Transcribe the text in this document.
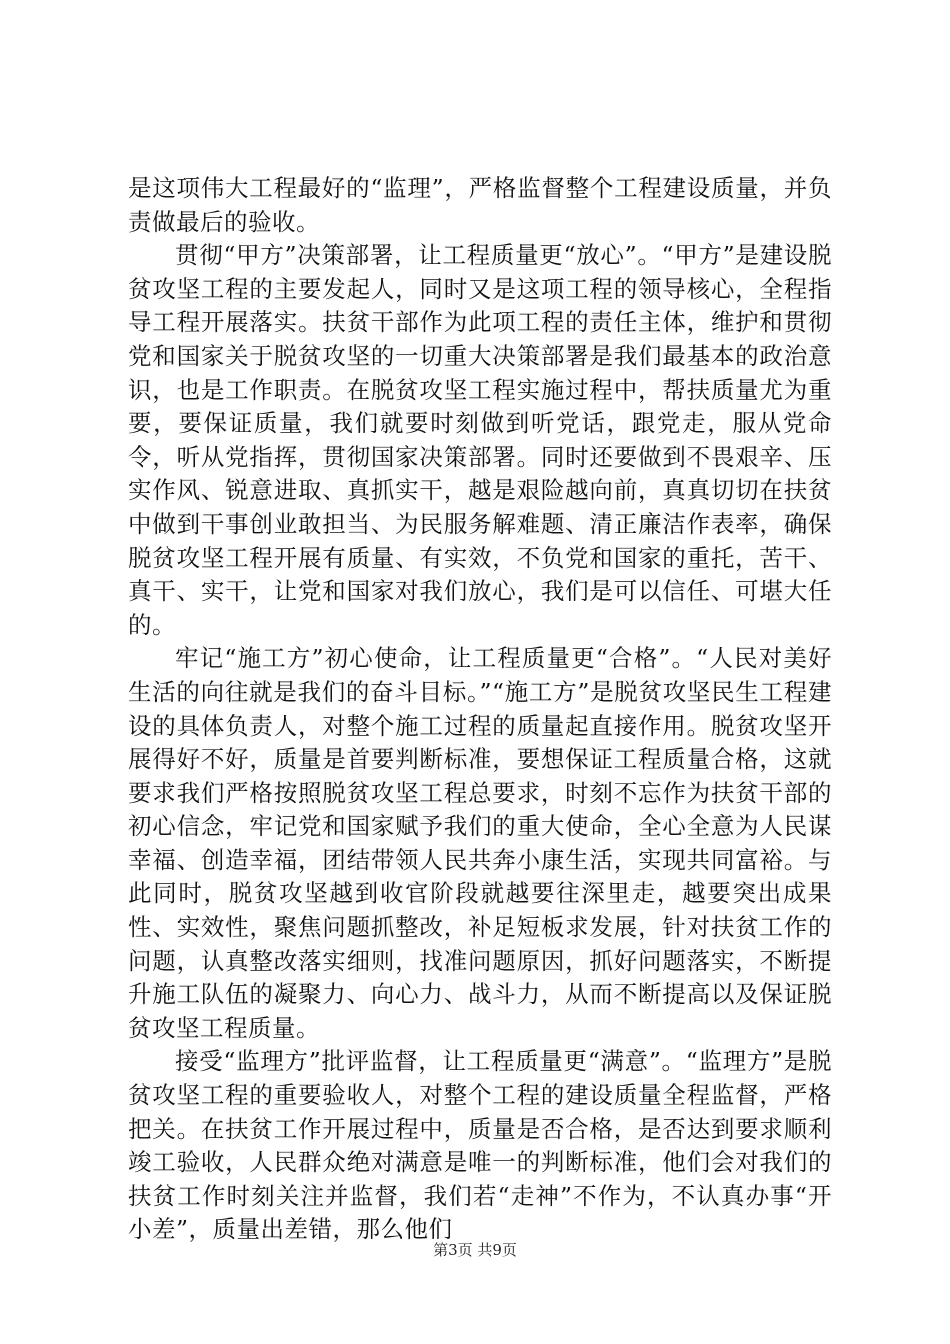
是这项伟大工程最好的“监理”，严格监督整个工程建设质量，并负责做最后的验收。

贯彻“甲方”决策部署，让工程质量更“放心”。“甲方”是建设脱贫攻坚工程的主要发起人，同时又是这项工程的领导核心，全程指导工程开展落实。扶贫干部作为此项工程的责任主体，维护和贯彻党和国家关于脱贫攻坚的一切重大决策部署是我们最基本的政治意识，也是工作职责。在脱贫攻坚工程实施过程中，帮扶质量尤为重要，要保证质量，我们就要时刻做到听党话，跟党走，服从党命令，听从党指挥，贯彻国家决策部署。同时还要做到不畏艰辛、压实作风、锐意进取、真抓实干，越是艰险越向前，真真切切在扶贫中做到干事创业敢担当、为民服务解难题、清正廉洁作表率，确保脱贫攻坚工程开展有质量、有实效，不负党和国家的重托，苦干、真干、实干，让党和国家对我们放心，我们是可以信任、可堪大任的。

牢记“施工方”初心使命，让工程质量更“合格”。“人民对美好生活的向往就是我们的奋斗目标。”“施工方”是脱贫攻坚民生工程建设的具体负责人，对整个施工过程的质量起直接作用。脱贫攻坚开展得好不好，质量是首要判断标准，要想保证工程质量合格，这就要求我们严格按照脱贫攻坚工程总要求，时刻不忘作为扶贫干部的初心信念，牢记党和国家赋予我们的重大使命，全心全意为人民谋幸福、创造幸福，团结带领人民共奔小康生活，实现共同富裕。与此同时，脱贫攻坚越到收官阶段就越要往深里走，越要突出成果性、实效性，聚焦问题抓整改，补足短板求发展，针对扶贫工作的问题，认真整改落实细则，找准问题原因，抓好问题落实，不断提升施工队伍的凝聚力、向心力、战斗力，从而不断提高以及保证脱贫攻坚工程质量。

接受“监理方”批评监督，让工程质量更“满意”。“监理方”是脱贫攻坚工程的重要验收人，对整个工程的建设质量全程监督，严格把关。在扶贫工作开展过程中，质量是否合格，是否达到要求顺利竣工验收，人民群众绝对满意是唯一的判断标准，他们会对我们的扶贫工作时刻关注并监督，我们若“走神”不作为，不认真办事“开小差”，质量出差错，那么他们

第3页 共9页
